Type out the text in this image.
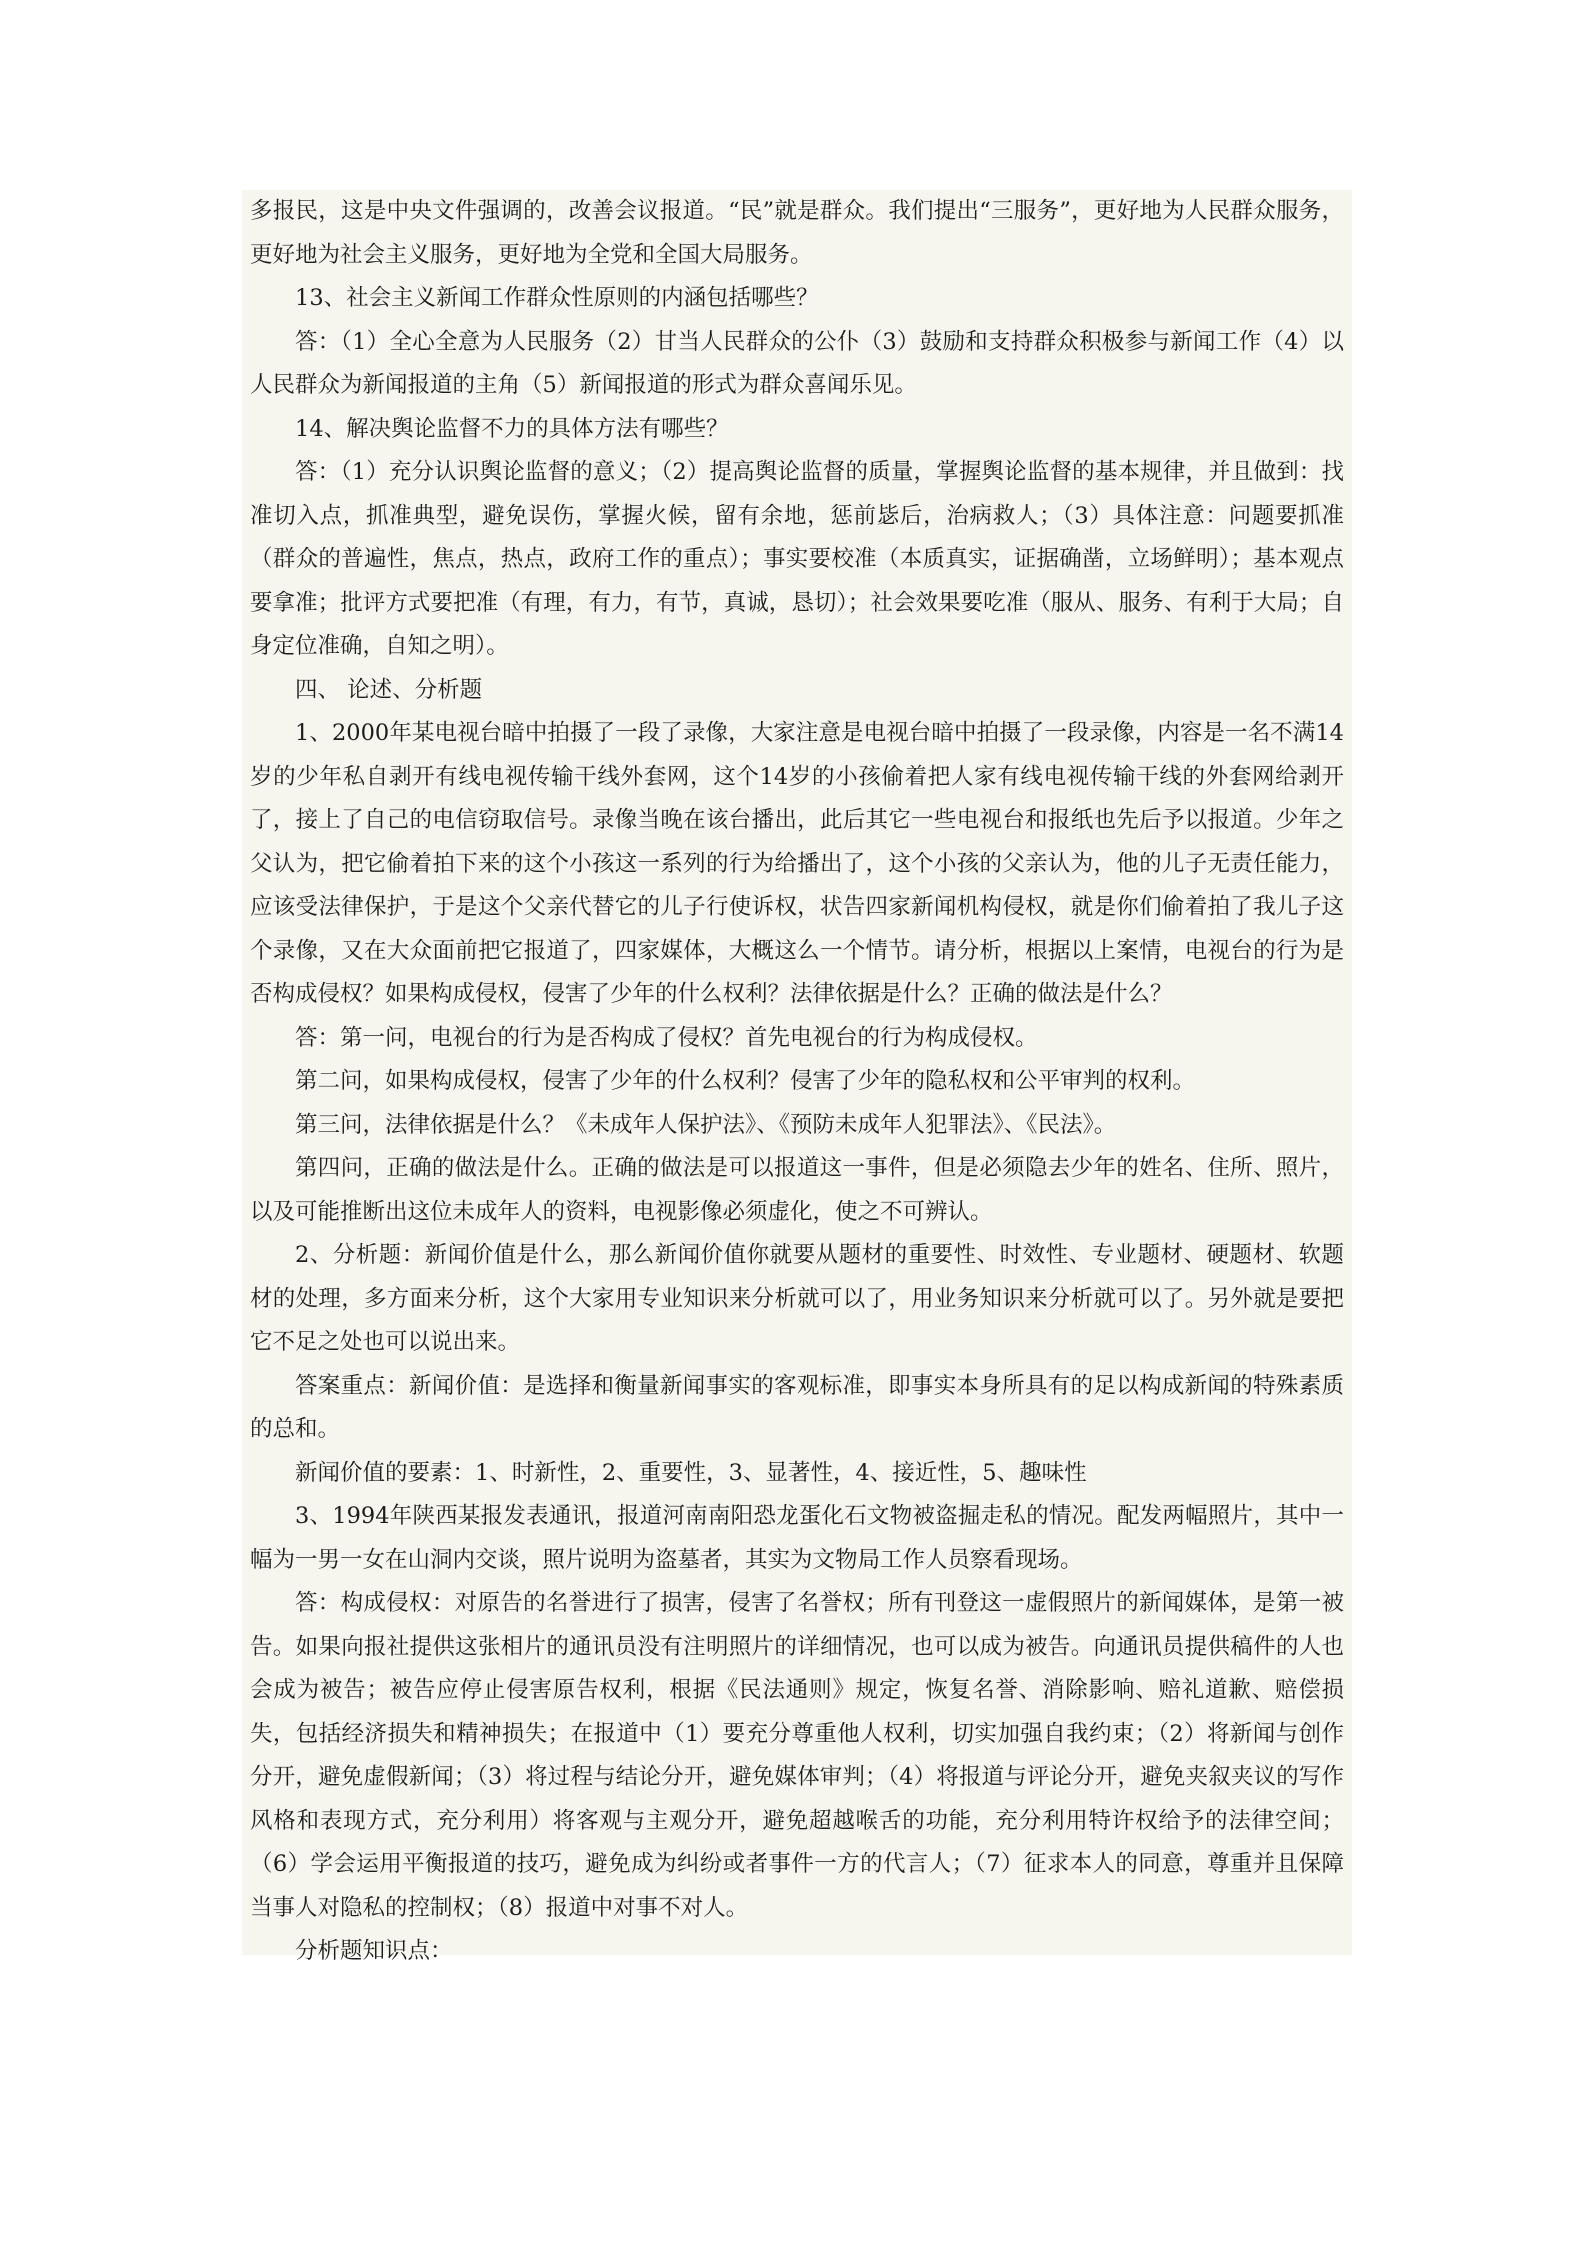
多报民，这是中央文件强调的，改善会议报道。“民”就是群众。我们提出“三服务”，更好地为人民群众服务，更好地为社会主义服务，更好地为全党和全国大局服务。

13、社会主义新闻工作群众性原则的内涵包括哪些？

答：（1）全心全意为人民服务（2）甘当人民群众的公仆（3）鼓励和支持群众积极参与新闻工作（4）以人民群众为新闻报道的主角（5）新闻报道的形式为群众喜闻乐见。

14、解决舆论监督不力的具体方法有哪些？

答：（1）充分认识舆论监督的意义；（2）提高舆论监督的质量，掌握舆论监督的基本规律，并且做到：找准切入点，抓准典型，避免误伤，掌握火候，留有余地，惩前毖后，治病救人；（3）具体注意：问题要抓准（群众的普遍性，焦点，热点，政府工作的重点）；事实要校准（本质真实，证据确凿，立场鲜明）；基本观点要拿准；批评方式要把准（有理，有力，有节，真诚，恳切）；社会效果要吃准（服从、服务、有利于大局；自身定位准确，自知之明）。

四、 论述、分析题

1、2000年某电视台暗中拍摄了一段了录像，大家注意是电视台暗中拍摄了一段录像，内容是一名不满14岁的少年私自剥开有线电视传输干线外套网，这个14岁的小孩偷着把人家有线电视传输干线的外套网给剥开了，接上了自己的电信窃取信号。录像当晚在该台播出，此后其它一些电视台和报纸也先后予以报道。少年之父认为，把它偷着拍下来的这个小孩这一系列的行为给播出了，这个小孩的父亲认为，他的儿子无责任能力，应该受法律保护，于是这个父亲代替它的儿子行使诉权，状告四家新闻机构侵权，就是你们偷着拍了我儿子这个录像，又在大众面前把它报道了，四家媒体，大概这么一个情节。请分析，根据以上案情，电视台的行为是否构成侵权？如果构成侵权，侵害了少年的什么权利？法律依据是什么？正确的做法是什么？

答：第一问，电视台的行为是否构成了侵权？首先电视台的行为构成侵权。

第二问，如果构成侵权，侵害了少年的什么权利？侵害了少年的隐私权和公平审判的权利。

第三问，法律依据是什么？《未成年人保护法》、《预防未成年人犯罪法》、《民法》。

第四问，正确的做法是什么。正确的做法是可以报道这一事件，但是必须隐去少年的姓名、住所、照片，以及可能推断出这位未成年人的资料，电视影像必须虚化，使之不可辨认。

2、分析题：新闻价值是什么，那么新闻价值你就要从题材的重要性、时效性、专业题材、硬题材、软题材的处理，多方面来分析，这个大家用专业知识来分析就可以了，用业务知识来分析就可以了。另外就是要把它不足之处也可以说出来。

答案重点：新闻价值：是选择和衡量新闻事实的客观标准，即事实本身所具有的足以构成新闻的特殊素质的总和。

新闻价值的要素：1、时新性，2、重要性，3、显著性，4、接近性，5、趣味性

3、1994年陕西某报发表通讯，报道河南南阳恐龙蛋化石文物被盗掘走私的情况。配发两幅照片，其中一幅为一男一女在山洞内交谈，照片说明为盗墓者，其实为文物局工作人员察看现场。

答：构成侵权：对原告的名誉进行了损害，侵害了名誉权；所有刊登这一虚假照片的新闻媒体，是第一被告。如果向报社提供这张相片的通讯员没有注明照片的详细情况，也可以成为被告。向通讯员提供稿件的人也会成为被告；被告应停止侵害原告权利，根据《民法通则》规定，恢复名誉、消除影响、赔礼道歉、赔偿损失，包括经济损失和精神损失；在报道中（1）要充分尊重他人权利，切实加强自我约束；（2）将新闻与创作分开，避免虚假新闻；（3）将过程与结论分开，避免媒体审判；（4）将报道与评论分开，避免夹叙夹议的写作风格和表现方式，充分利用）将客观与主观分开，避免超越喉舌的功能，充分利用特许权给予的法律空间；（6）学会运用平衡报道的技巧，避免成为纠纷或者事件一方的代言人；（7）征求本人的同意，尊重并且保障当事人对隐私的控制权；（8）报道中对事不对人。

分析题知识点：
